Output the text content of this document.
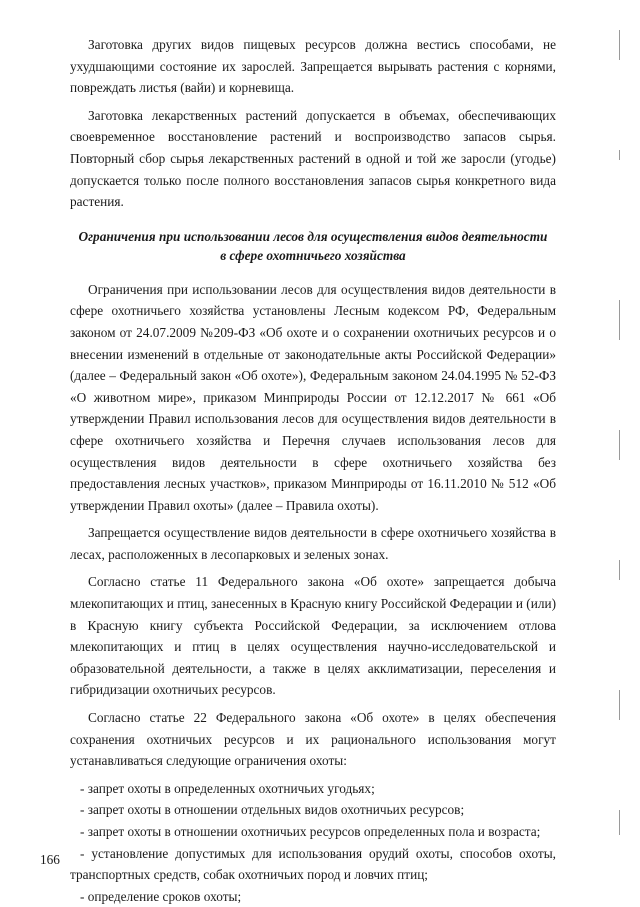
Заготовка других видов пищевых ресурсов должна вестись способами, не ухудшающими состояние их зарослей. Запрещается вырывать растения с корнями, повреждать листья (вайи) и корневища.

Заготовка лекарственных растений допускается в объемах, обеспечивающих своевременное восстановление растений и воспроизводство запасов сырья. Повторный сбор сырья лекарственных растений в одной и той же заросли (угодье) допускается только после полного восстановления запасов сырья конкретного вида растения.

Ограничения при использовании лесов для осуществления видов деятельности

в сфере охотничьего хозяйства

Ограничения при использовании лесов для осуществления видов деятельности в сфере охотничьего хозяйства установлены Лесным кодексом РФ, Федеральным законом от 24.07.2009 №209-ФЗ «Об охоте и о сохранении охотничьих ресурсов и о внесении изменений в отдельные от законодательные акты Российской Федерации» (далее – Федеральный закон «Об охоте»), Федеральным законом 24.04.1995 № 52-ФЗ «О животном мире», приказом Минприроды России от 12.12.2017 № 661 «Об утверждении Правил использования лесов для осуществления видов деятельности в сфере охотничьего хозяйства и Перечня случаев использования лесов для осуществления видов деятельности в сфере охотничьего хозяйства без предоставления лесных участков», приказом Минприроды от 16.11.2010 № 512 «Об утверждении Правил охоты» (далее – Правила охоты).

Запрещается осуществление видов деятельности в сфере охотничьего хозяйства в лесах, расположенных в лесопарковых и зеленых зонах.

Согласно статье 11 Федерального закона «Об охоте» запрещается добыча млекопитающих и птиц, занесенных в Красную книгу Российской Федерации и (или) в Красную книгу субъекта Российской Федерации, за исключением отлова млекопитающих и птиц в целях осуществления научно-исследовательской и образовательной деятельности, а также в целях акклиматизации, переселения и гибридизации охотничьих ресурсов.

Согласно статье 22 Федерального закона «Об охоте» в целях обеспечения сохранения охотничьих ресурсов и их рационального использования могут устанавливаться следующие ограничения охоты:

- запрет охоты в определенных охотничьих угодьях;

- запрет охоты в отношении отдельных видов охотничьих ресурсов;

- запрет охоты в отношении охотничьих ресурсов определенных пола и возраста;

- установление допустимых для использования орудий охоты, способов охоты, транспортных средств, собак охотничьих пород и ловчих птиц;

- определение сроков охоты;

166
